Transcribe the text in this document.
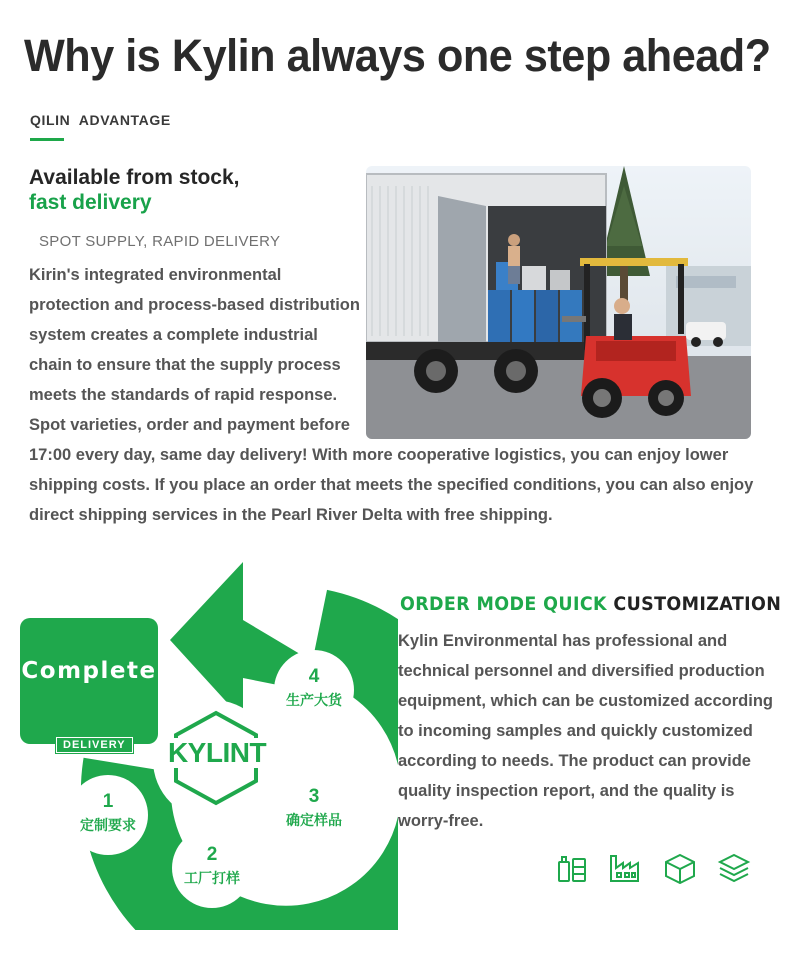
Why is Kylin always one step ahead?
QILIN  ADVANTAGE
Available from stock,
fast delivery
SPOT SUPPLY, RAPID DELIVERY
Kirin's integrated environmental
protection and process-based distribution
system creates a complete industrial
chain to ensure that the supply process
meets the standards of rapid response.
Spot varieties, order and payment before
17:00 every day, same day delivery! With more cooperative logistics, you can enjoy lower
shipping costs. If you place an order that meets the specified conditions, you can also enjoy
direct shipping services in the Pearl River Delta with free shipping.
Complete
DELIVERY	KYLINT
1
定制要求
2
工厂打样
3
确定样品
4
生产大货
ORDER MODE QUICK CUSTOMIZATION
Kylin Environmental has professional and
technical personnel and diversified production
equipment, which can be customized according
to incoming samples and quickly customized
according to needs. The product can provide
quality inspection report, and the quality is
worry-free.
